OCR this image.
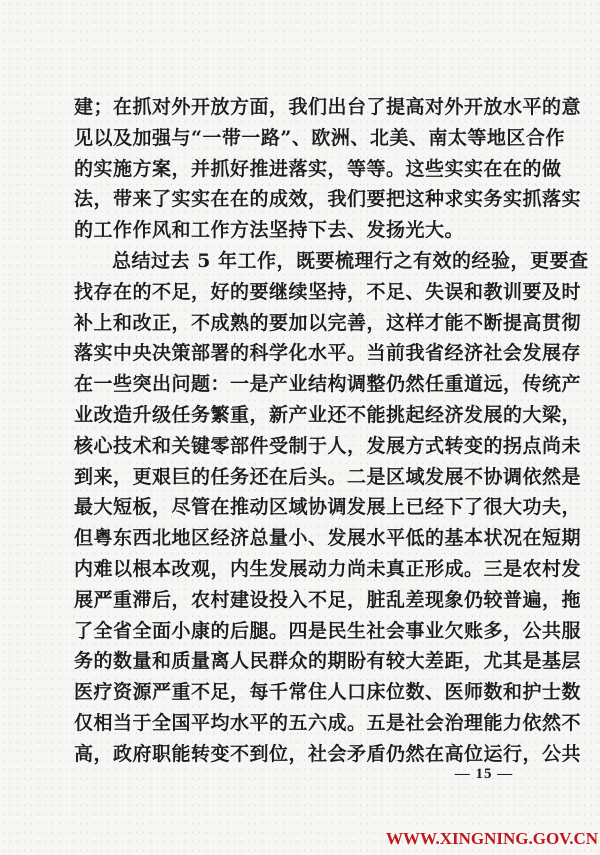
建；在抓对外开放方面，我们出台了提高对外开放水平的意
见以及加强与“一带一路”、欧洲、北美、南太等地区合作
的实施方案，并抓好推进落实，等等。这些实实在在的做
法，带来了实实在在的成效，我们要把这种求实务实抓落实
的工作作风和工作方法坚持下去、发扬光大。
总结过去 5 年工作，既要梳理行之有效的经验，更要查
找存在的不足，好的要继续坚持，不足、失误和教训要及时
补上和改正，不成熟的要加以完善，这样才能不断提高贯彻
落实中央决策部署的科学化水平。当前我省经济社会发展存
在一些突出问题：一是产业结构调整仍然任重道远，传统产
业改造升级任务繁重，新产业还不能挑起经济发展的大梁，
核心技术和关键零部件受制于人，发展方式转变的拐点尚未
到来，更艰巨的任务还在后头。二是区域发展不协调依然是
最大短板，尽管在推动区域协调发展上已经下了很大功夫，
但粤东西北地区经济总量小、发展水平低的基本状况在短期
内难以根本改观，内生发展动力尚未真正形成。三是农村发
展严重滞后，农村建设投入不足，脏乱差现象仍较普遍，拖
了全省全面小康的后腿。四是民生社会事业欠账多，公共服
务的数量和质量离人民群众的期盼有较大差距，尤其是基层
医疗资源严重不足，每千常住人口床位数、医师数和护士数
仅相当于全国平均水平的五六成。五是社会治理能力依然不
高，政府职能转变不到位，社会矛盾仍然在高位运行，公共
— 15 —
WWW.XINGNING.GOV.CN
